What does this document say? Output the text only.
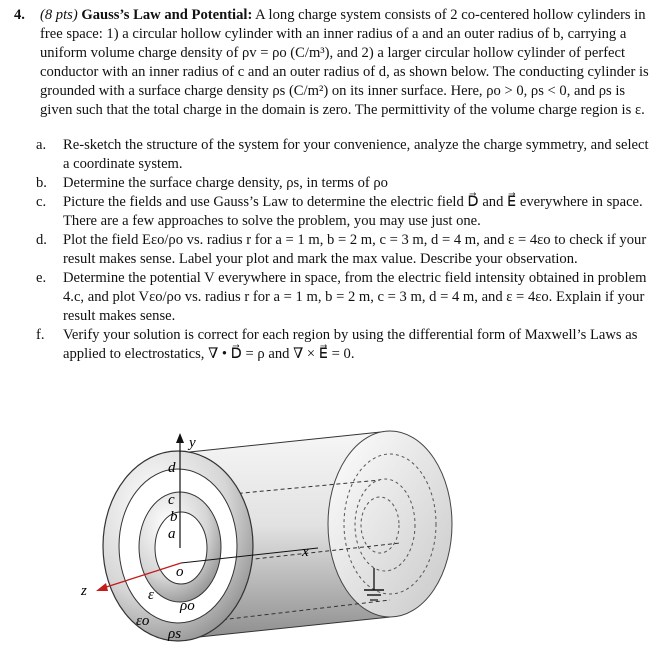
4. (8 pts) Gauss’s Law and Potential: A long charge system consists of 2 co-centered hollow cylinders in free space: 1) a circular hollow cylinder with an inner radius of a and an outer radius of b, carrying a uniform volume charge density of ρv = ρo (C/m³), and 2) a larger circular hollow cylinder of perfect conductor with an inner radius of c and an outer radius of d, as shown below. The conducting cylinder is grounded with a surface charge density ρs (C/m²) on its inner surface. Here, ρo > 0, ρs < 0, and ρs is given such that the total charge in the domain is zero. The permittivity of the volume charge region is ε.

a. Re-sketch the structure of the system for your convenience, analyze the charge symmetry, and select a coordinate system.
b. Determine the surface charge density, ρs, in terms of ρo
c. Picture the fields and use Gauss’s Law to determine the electric field D⃗ and E⃗ everywhere in space. There are a few approaches to solve the problem, you may use just one.
d. Plot the field Eεo/ρo vs. radius r for a = 1 m, b = 2 m, c = 3 m, d = 4 m, and ε = 4εo to check if your result makes sense. Label your plot and mark the max value. Describe your observation.
e. Determine the potential V everywhere in space, from the electric field intensity obtained in problem 4.c, and plot Vεo/ρo vs. radius r for a = 1 m, b = 2 m, c = 3 m, d = 4 m, and ε = 4εo. Explain if your result makes sense.
f. Verify your solution is correct for each region by using the differential form of Maxwell’s Laws as applied to electrostatics, ∇ • D⃗ = ρ and ∇ × E⃗ = 0.
y
x
z
d
c
b
a
o
ε
ρo
εo
ρs
